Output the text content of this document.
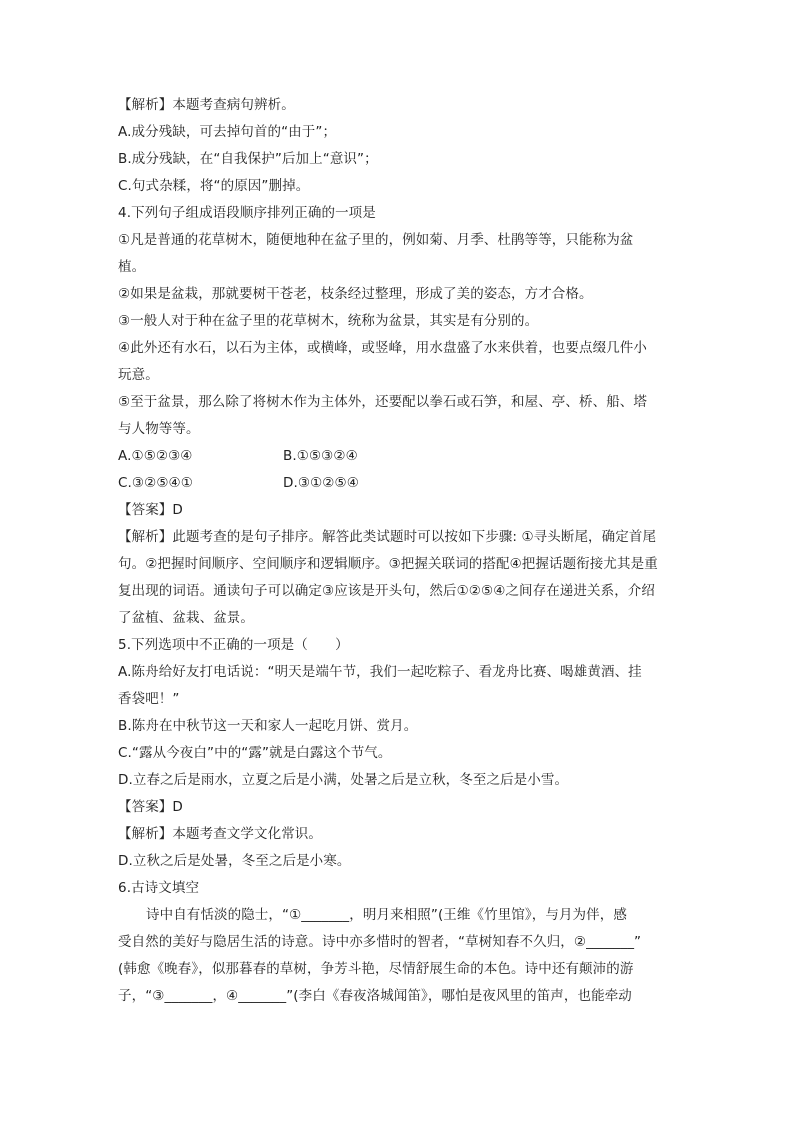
【解析】本题考查病句辨析。
A.成分残缺，可去掉句首的“由于”；
B.成分残缺，在“自我保护”后加上“意识”；
C.句式杂糅，将“的原因”删掉。
4.下列句子组成语段顺序排列正确的一项是
①凡是普通的花草树木，随便地种在盆子里的，例如菊、月季、杜鹃等等，只能称为盆
植。
②如果是盆栽，那就要树干苍老，枝条经过整理，形成了美的姿态，方才合格。
③一般人对于种在盆子里的花草树木，统称为盆景，其实是有分别的。
④此外还有水石，以石为主体，或横峰，或竖峰，用水盘盛了水来供着，也要点缀几件小
玩意。
⑤至于盆景，那么除了将树木作为主体外，还要配以拳石或石笋，和屋、亭、桥、船、塔
与人物等等。
A.①⑤②③④	B.①⑤③②④
C.③②⑤④①	D.③①②⑤④
【答案】D
【解析】此题考查的是句子排序。解答此类试题时可以按如下步骤: ①寻头断尾，确定首尾
句。②把握时间顺序、空间顺序和逻辑顺序。③把握关联词的搭配④把握话题衔接尤其是重
复出现的词语。通读句子可以确定③应该是开头句，然后①②⑤④之间存在递进关系，介绍
了盆植、盆栽、盆景。
5.下列选项中不正确的一项是（　　）
A.陈舟给好友打电话说：“明天是端午节，我们一起吃粽子、看龙舟比赛、喝雄黄酒、挂
香袋吧！”
B.陈舟在中秋节这一天和家人一起吃月饼、赏月。
C.“露从今夜白”中的“露”就是白露这个节气。
D.立春之后是雨水，立夏之后是小满，处暑之后是立秋，冬至之后是小雪。
【答案】D
【解析】本题考查文学文化常识。
D.立秋之后是处暑，冬至之后是小寒。
6.古诗文填空
诗中自有恬淡的隐士，“①_______，明月来相照”(王维《竹里馆》，与月为伴，感
受自然的美好与隐居生活的诗意。诗中亦多惜时的智者，“草树知春不久归，②_______”
(韩愈《晚春》，似那暮春的草树，争芳斗艳，尽情舒展生命的本色。诗中还有颠沛的游
子，“③_______，④_______”(李白《春夜洛城闻笛》，哪怕是夜风里的笛声，也能牵动
